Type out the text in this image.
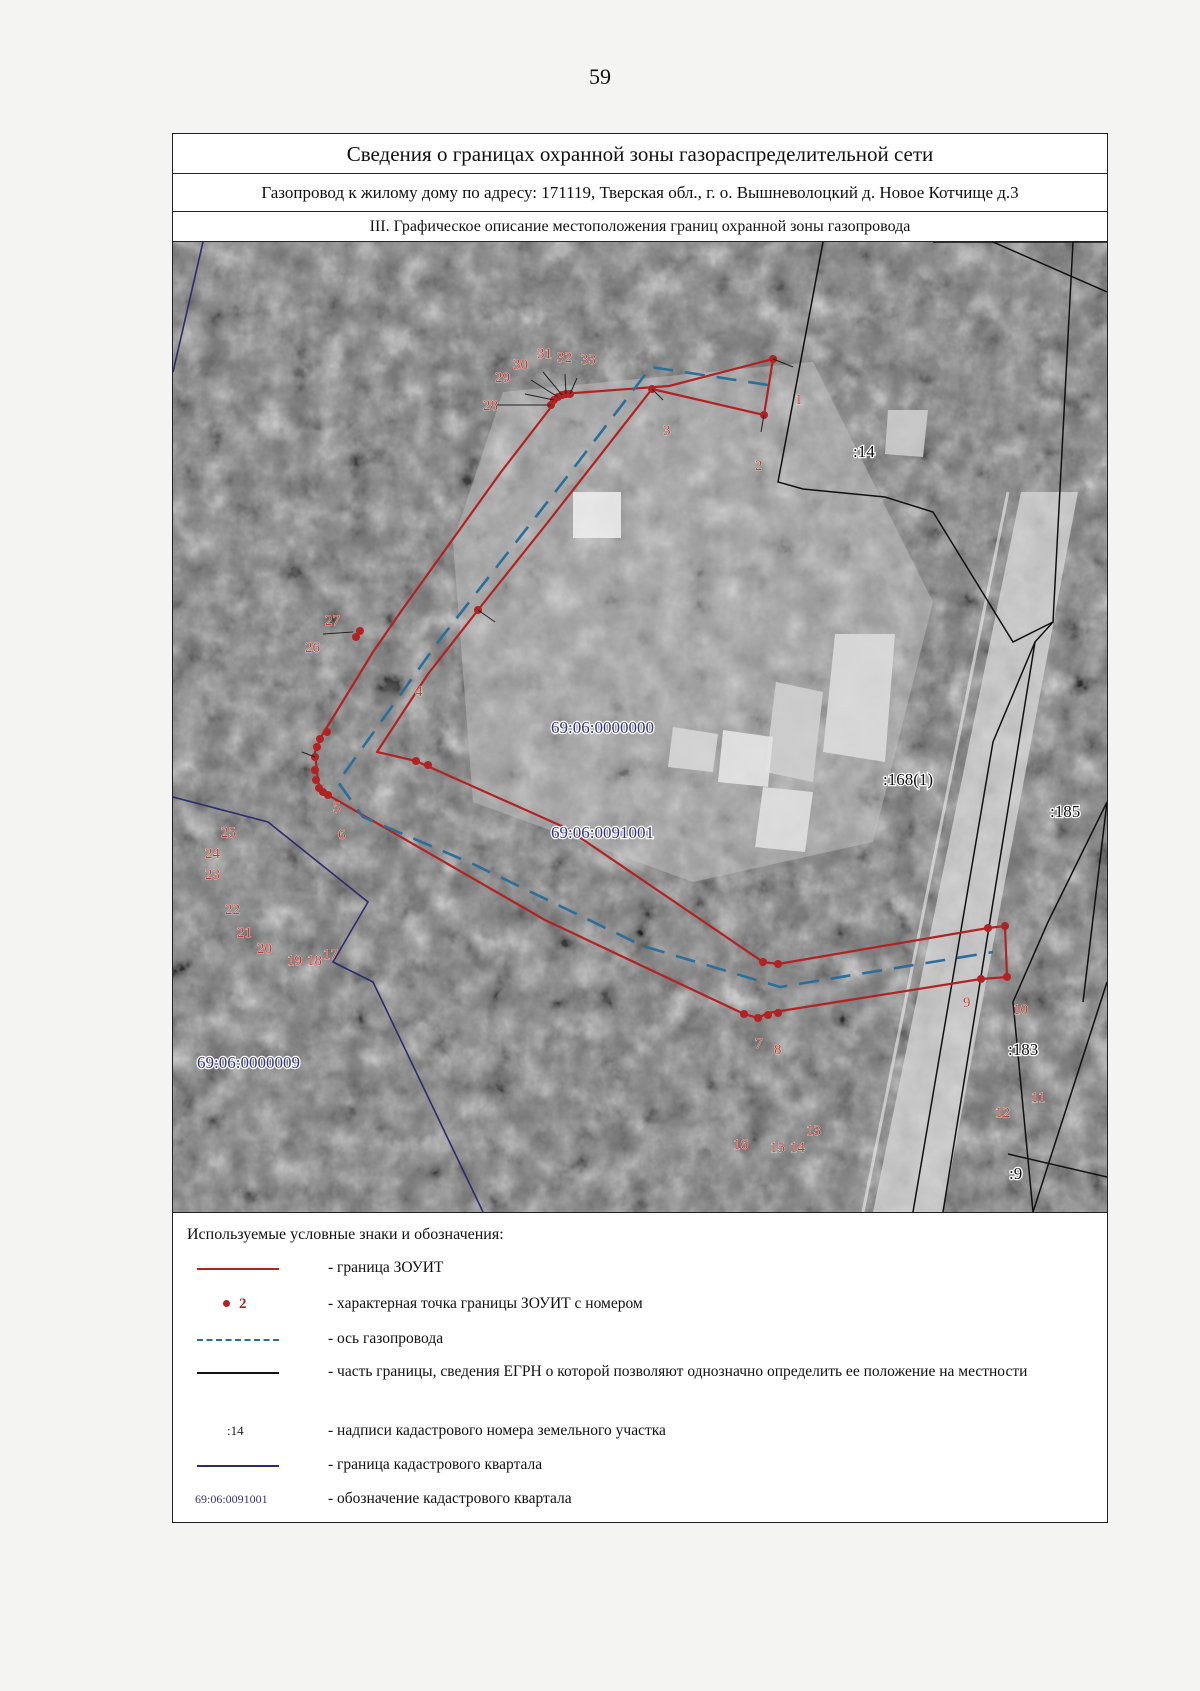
59
Сведения о границах охранной зоны газораспределительной сети
Газопровод к жилому дому по адресу: 171119, Тверская обл., г. о. Вышневолоцкий д. Новое Котчище д.3
III. Графическое описание местоположения границ охранной зоны газопровода
1
2
3
4
5
6
7 8
9	10
11
12
13
14
15
16
17
18
19
20
21
22
23
24
25
26
27
28
29
30
31 32 33
:14
:168(1)
:185
:183
:9
69:06:0000000
69:06:0091001
69:06:0000009
Используемые условные знаки и обозначения:
- граница ЗОУИТ
2	- характерная точка границы ЗОУИТ с номером
- ось газопровода
- часть границы, сведения ЕГРН о которой позволяют однозначно определить ее положение на местности
:14	- надписи кадастрового номера земельного участка
- граница кадастрового квартала
69:06:0091001	- обозначение кадастрового квартала
